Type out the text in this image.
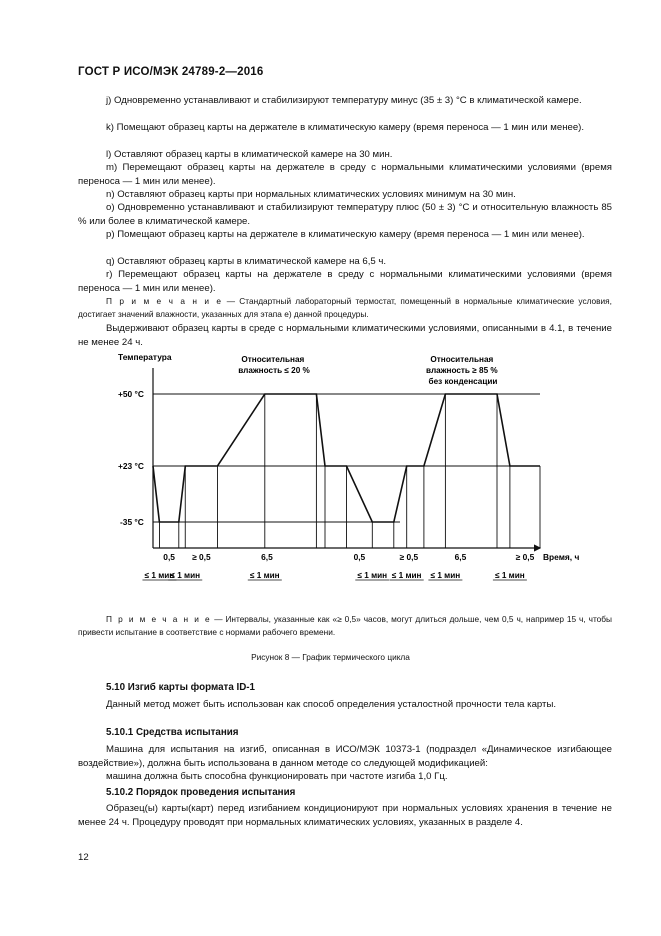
ГОСТ Р ИСО/МЭК 24789-2—2016
j) Одновременно устанавливают и стабилизируют температуру минус (35 ± 3) °С в климатической камере.
k) Помещают образец карты на держателе в климатическую камеру (время переноса — 1 мин или менее).
l) Оставляют образец карты в климатической камере на 30 мин.
m) Перемещают образец карты на держателе в среду с нормальными климатическими условиями (время переноса — 1 мин или менее).
n) Оставляют образец карты при нормальных климатических условиях минимум на 30 мин.
o) Одновременно устанавливают и стабилизируют температуру плюс (50 ± 3) °С и относительную влажность 85 % или более в климатической камере.
p) Помещают образец карты на держателе в климатическую камеру (время переноса — 1 мин или менее).
q) Оставляют образец карты в климатической камере на 6,5 ч.
r) Перемещают образец карты на держателе в среду с нормальными климатическими условиями (время переноса — 1 мин или менее).
П р и м е ч а н и е — Стандартный лабораторный термостат, помещенный в нормальные климатические условия, достигает значений влажности, указанных для этапа е) данной процедуры.
Выдерживают образец карты в среде с нормальными климатическими условиями, описанными в 4.1, в течение не менее 24 ч.
Температура
Время, ч
+50 °С
+23 °С
-35 °С
Относительная влажность ≤ 20 %
Относительная влажность ≥ 85 % без конденсации
0,5 ≥ 0,5	6,5	0,5	≥ 0,5	6,5	≥ 0,5
≤ 1 мин
≤ 1 мин	≤ 1 мин	≤ 1 мин ≤ 1 мин ≤ 1 мин	≤ 1 мин
П р и м е ч а н и е — Интервалы, указанные как «≥ 0,5» часов, могут длиться дольше, чем 0,5 ч, например 15 ч, чтобы привести испытание в соответствие с нормами рабочего времени.
Рисунок 8 — График термического цикла
5.10 Изгиб карты формата ID-1
Данный метод может быть использован как способ определения усталостной прочности тела карты.
5.10.1 Средства испытания
Машина для испытания на изгиб, описанная в ИСО/МЭК 10373-1 (подраздел «Динамическое изгибающее воздействие»), должна быть использована в данном методе со следующей модификацией:
машина должна быть способна функционировать при частоте изгиба 1,0 Гц.
5.10.2 Порядок проведения испытания
Образец(ы) карты(карт) перед изгибанием кондиционируют при нормальных условиях хранения в течение не менее 24 ч. Процедуру проводят при нормальных климатических условиях, указанных в разделе 4.
12
